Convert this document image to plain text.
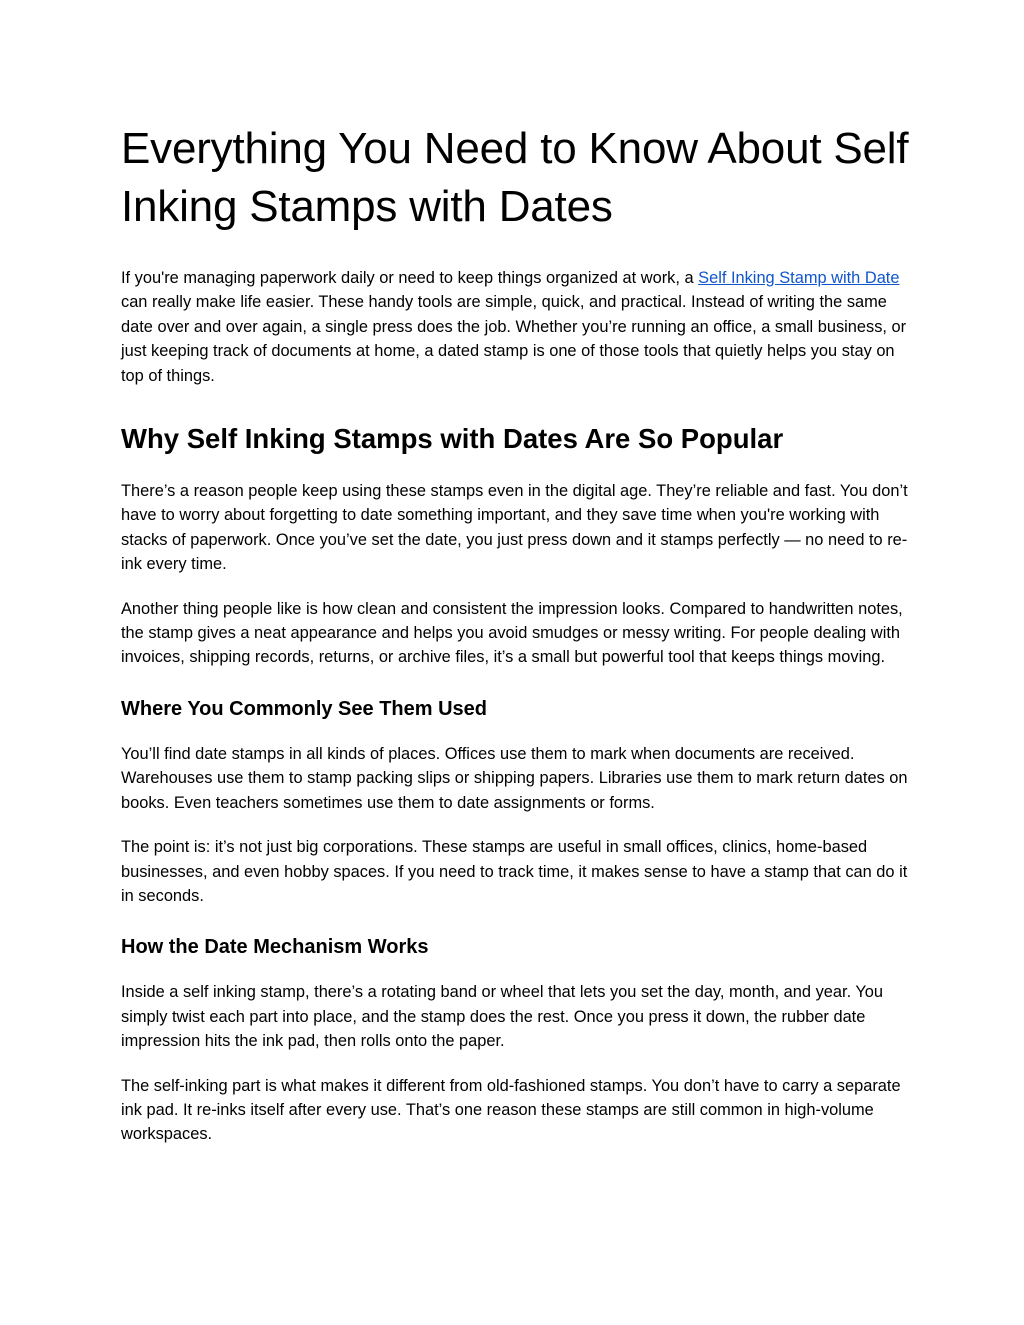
Everything You Need to Know About Self Inking Stamps with Dates

If you're managing paperwork daily or need to keep things organized at work, a Self Inking Stamp with Date can really make life easier. These handy tools are simple, quick, and practical. Instead of writing the same date over and over again, a single press does the job. Whether you’re running an office, a small business, or just keeping track of documents at home, a dated stamp is one of those tools that quietly helps you stay on top of things.

Why Self Inking Stamps with Dates Are So Popular

There’s a reason people keep using these stamps even in the digital age. They’re reliable and fast. You don’t have to worry about forgetting to date something important, and they save time when you're working with stacks of paperwork. Once you’ve set the date, you just press down and it stamps perfectly — no need to re-ink every time.

Another thing people like is how clean and consistent the impression looks. Compared to handwritten notes, the stamp gives a neat appearance and helps you avoid smudges or messy writing. For people dealing with invoices, shipping records, returns, or archive files, it’s a small but powerful tool that keeps things moving.

Where You Commonly See Them Used

You’ll find date stamps in all kinds of places. Offices use them to mark when documents are received. Warehouses use them to stamp packing slips or shipping papers. Libraries use them to mark return dates on books. Even teachers sometimes use them to date assignments or forms.

The point is: it’s not just big corporations. These stamps are useful in small offices, clinics, home-based businesses, and even hobby spaces. If you need to track time, it makes sense to have a stamp that can do it in seconds.

How the Date Mechanism Works

Inside a self inking stamp, there’s a rotating band or wheel that lets you set the day, month, and year. You simply twist each part into place, and the stamp does the rest. Once you press it down, the rubber date impression hits the ink pad, then rolls onto the paper.

The self-inking part is what makes it different from old-fashioned stamps. You don’t have to carry a separate ink pad. It re-inks itself after every use. That’s one reason these stamps are still common in high-volume workspaces.
